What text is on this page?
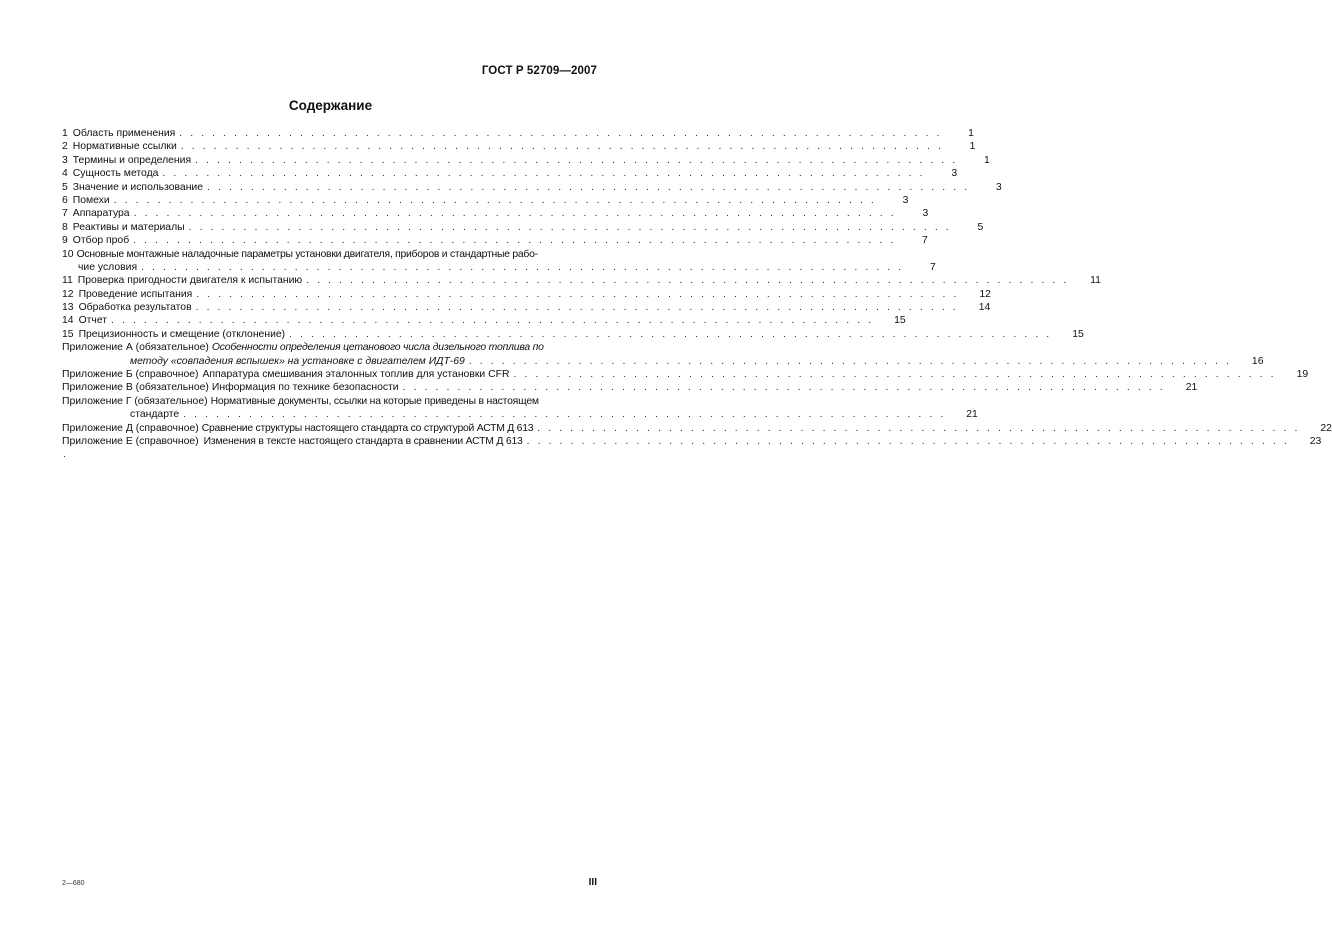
ГОСТ Р 52709—2007
Содержание
1 Область применения . . . . . . . . . . . . . . . . . . . . . . . . . . . . . . . . . . . . . . . . . . . . . . . . . . . . . . . . . . . . . . . . . . . . . .	1
2 Нормативные ссылки . . . . . . . . . . . . . . . . . . . . . . . . . . . . . . . . . . . . . . . . . . . . . . . . . . . . . . . . . . . . . . . . . . . . . .	1
3 Термины и определения . . . . . . . . . . . . . . . . . . . . . . . . . . . . . . . . . . . . . . . . . . . . . . . . . . . . . . . . . . . . . . . . . . . . . .	1
4 Сущность метода . . . . . . . . . . . . . . . . . . . . . . . . . . . . . . . . . . . . . . . . . . . . . . . . . . . . . . . . . . . . . . . . . . . . . .	3
5 Значение и использование . . . . . . . . . . . . . . . . . . . . . . . . . . . . . . . . . . . . . . . . . . . . . . . . . . . . . . . . . . . . . . . . . . . . . .	3
6 Помехи . . . . . . . . . . . . . . . . . . . . . . . . . . . . . . . . . . . . . . . . . . . . . . . . . . . . . . . . . . . . . . . . . . . . . .	3
7 Аппаратура . . . . . . . . . . . . . . . . . . . . . . . . . . . . . . . . . . . . . . . . . . . . . . . . . . . . . . . . . . . . . . . . . . . . . .	3
8 Реактивы и материалы . . . . . . . . . . . . . . . . . . . . . . . . . . . . . . . . . . . . . . . . . . . . . . . . . . . . . . . . . . . . . . . . . . . . . .	5
9 Отбор проб . . . . . . . . . . . . . . . . . . . . . . . . . . . . . . . . . . . . . . . . . . . . . . . . . . . . . . . . . . . . . . . . . . . . . .	7
10 Основные монтажные наладочные параметры установки двигателя, приборов и стандартные рабо-
чие условия . . . . . . . . . . . . . . . . . . . . . . . . . . . . . . . . . . . . . . . . . . . . . . . . . . . . . . . . . . . . . . . . . . . . . .	7
11 Проверка пригодности двигателя к испытанию . . . . . . . . . . . . . . . . . . . . . . . . . . . . . . . . . . . . . . . . . . . . . . . . . . . . . . . . . . . . . . . . . . . . . .	11
12 Проведение испытания . . . . . . . . . . . . . . . . . . . . . . . . . . . . . . . . . . . . . . . . . . . . . . . . . . . . . . . . . . . . . . . . . . . . . .	12
13 Обработка результатов . . . . . . . . . . . . . . . . . . . . . . . . . . . . . . . . . . . . . . . . . . . . . . . . . . . . . . . . . . . . . . . . . . . . . .	14
14 Отчет . . . . . . . . . . . . . . . . . . . . . . . . . . . . . . . . . . . . . . . . . . . . . . . . . . . . . . . . . . . . . . . . . . . . . .	15
15 Прецизионность и смещение (отклонение) . . . . . . . . . . . . . . . . . . . . . . . . . . . . . . . . . . . . . . . . . . . . . . . . . . . . . . . . . . . . . . . . . . . . . .	15
Приложение А (обязательное) Особенности определения цетанового числа дизельного топлива по
методу «совпадения вспышек» на установке с двигателем ИДТ-69 . . . . . . . . . . . . . . . . . . . . . . . . . . . . . . . . . . . . . . . . . . . . . . . . . . . . . . . . . . . . . . . . . . . . . .	16
Приложение Б (справочное) Аппаратура смешивания эталонных топлив для установки CFR . . . . . . . . . . . . . . . . . . . . . . . . . . . . . . . . . . . . . . . . . . . . . . . . . . . . . . . . . . . . . . . . . . . . . .	19
Приложение В (обязательное) Информация по технике безопасности . . . . . . . . . . . . . . . . . . . . . . . . . . . . . . . . . . . . . . . . . . . . . . . . . . . . . . . . . . . . . . . . . . . . . .	21
Приложение Г (обязательное) Нормативные документы, ссылки на которые приведены в настоящем
стандарте . . . . . . . . . . . . . . . . . . . . . . . . . . . . . . . . . . . . . . . . . . . . . . . . . . . . . . . . . . . . . . . . . . . . . .	21
Приложение Д (справочное) Сравнение структуры настоящего стандарта со структурой АСТМ Д 613 . . . . . . . . . . . . . . . . . . . . . . . . . . . . . . . . . . . . . . . . . . . . . . . . . . . . . . . . . . . . . . . . . . . . . .	22
Приложение Е (справочное) Изменения в тексте настоящего стандарта в сравнении АСТМ Д 613 . . . . . . . . . . . . . . . . . . . . . . . . . . . . . . . . . . . . . . . . . . . . . . . . . . . . . . . . . . . . . . . . . . . . . .	23
.
2—680	III
